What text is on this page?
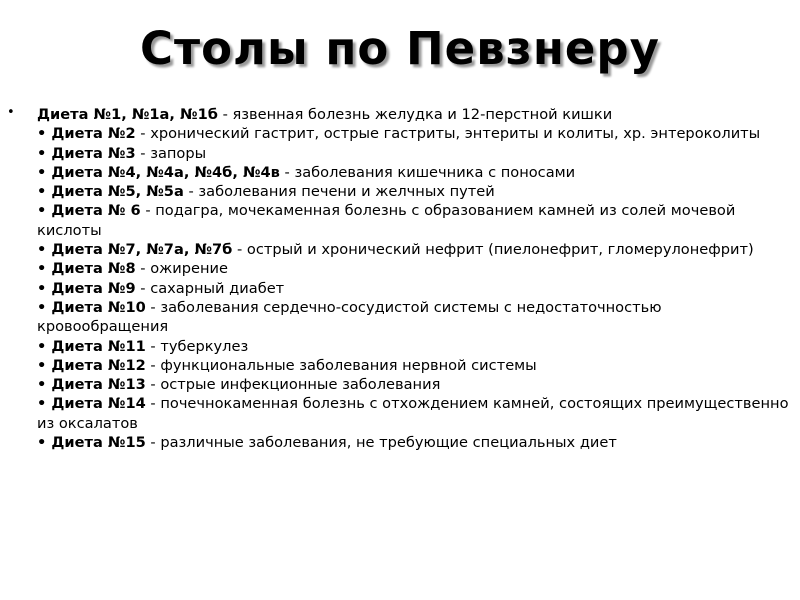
Столы по Певзнеру
• Диета №1, №1а, №1б - язвенная болезнь желудка и 12-перстной кишки
• Диета №2 - хронический гастрит, острые гастриты, энтериты и колиты, хр. энтероколиты
• Диета №3 - запоры
• Диета №4, №4а, №4б, №4в - заболевания кишечника с поносами
• Диета №5, №5а - заболевания печени и желчных путей
• Диета № 6 - подагра, мочекаменная болезнь с образованием камней из солей мочевой кислоты
• Диета №7, №7а, №7б - острый и хронический нефрит (пиелонефрит, гломерулонефрит)
• Диета №8 - ожирение
• Диета №9 - сахарный диабет
• Диета №10 - заболевания сердечно-сосудистой системы с недостаточностью кровообращения
• Диета №11 - туберкулез
• Диета №12 - функциональные заболевания нервной системы
• Диета №13 - острые инфекционные заболевания
• Диета №14 - почечнокаменная болезнь с отхождением камней, состоящих преимущественно из оксалатов
• Диета №15 - различные заболевания, не требующие специальных диет
